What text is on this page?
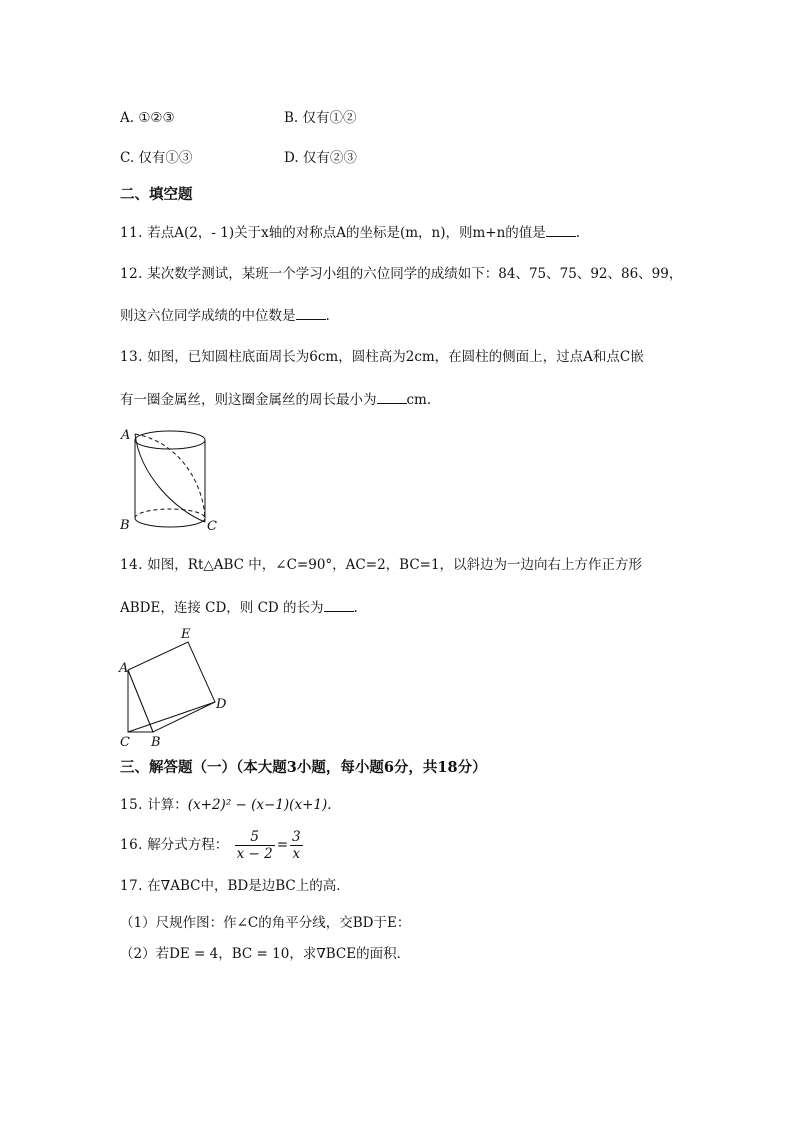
A. ①②③	B. 仅有①②
C. 仅有①③	D. 仅有②③
二、填空题
11. 若点A(2，- 1)关于x轴的对称点A的坐标是(m，n)，则m+n的值是 .
12. 某次数学测试，某班一个学习小组的六位同学的成绩如下：84、75、75、92、86、99，
则这六位同学成绩的中位数是 .
13. 如图，已知圆柱底面周长为6cm，圆柱高为2cm，在圆柱的侧面上，过点A和点C嵌
有一圈金属丝，则这圈金属丝的周长最小为 cm.
A
B	C
14. 如图，Rt△ABC 中，∠C=90°，AC=2，BC=1，以斜边为一边向右上方作正方形
ABDE，连接 CD，则 CD 的长为 .
A
E
D
C B
三、解答题（一）（本大题3小题，每小题6分，共18分）
15. 计算：(x+2)² − (x−1)(x+1).
16. 解分式方程： $\frac{5}{x - 2} = \frac{3}{x}$
17. 在∇ABC中，BD是边BC上的高．
（1）尺规作图：作∠C的角平分线，交BD于E：
（2）若DE = 4，BC = 10，求∇BCE的面积．
